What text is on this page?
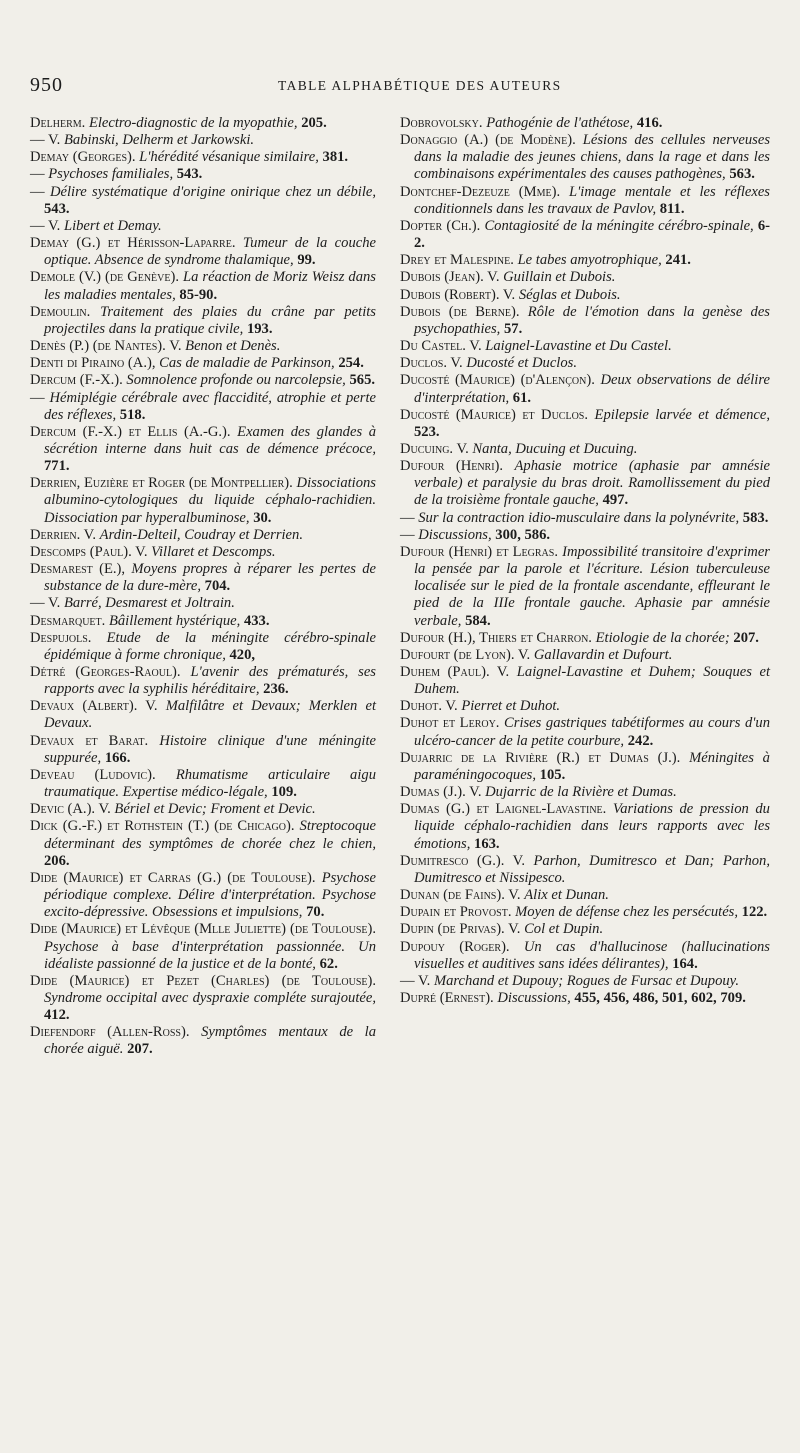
950	TABLE ALPHABÉTIQUE DES AUTEURS

Delherm. Electro-diagnostic de la myopathie, 205.

— V. Babinski, Delherm et Jarkowski.

Demay (Georges). L'hérédité vésanique similaire, 381.

— Psychoses familiales, 543.

— Délire systématique d'origine onirique chez un débile, 543.

— V. Libert et Demay.

Demay (G.) et Hérisson-Laparre. Tumeur de la couche optique. Absence de syndrome thalamique, 99.

Demole (V.) (de Genève). La réaction de Moriz Weisz dans les maladies mentales, 85-90.

Demoulin. Traitement des plaies du crâne par petits projectiles dans la pratique civile, 193.

Denès (P.) (de Nantes). V. Benon et Denès.

Denti di Piraino (A.), Cas de maladie de Parkinson, 254.

Dercum (F.-X.). Somnolence profonde ou narcolepsie, 565.

— Hémiplégie cérébrale avec flaccidité, atrophie et perte des réflexes, 518.

Dercum (F.-X.) et Ellis (A.-G.). Examen des glandes à sécrétion interne dans huit cas de démence précoce, 771.

Derrien, Euzière et Roger (de Montpellier). Dissociations albumino-cytologiques du liquide céphalo-rachidien. Dissociation par hyperalbuminose, 30.

Derrien. V. Ardin-Delteil, Coudray et Derrien.

Descomps (Paul). V. Villaret et Descomps.

Desmarest (E.), Moyens propres à réparer les pertes de substance de la dure-mère, 704.

— V. Barré, Desmarest et Joltrain.

Desmarquet. Bâillement hystérique, 433.

Despujols. Etude de la méningite cérébro-spinale épidémique à forme chronique, 420,

Détré (Georges-Raoul). L'avenir des prématurés, ses rapports avec la syphilis héréditaire, 236.

Devaux (Albert). V. Malfilâtre et Devaux; Merklen et Devaux.

Devaux et Barat. Histoire clinique d'une méningite suppurée, 166.

Deveau (Ludovic). Rhumatisme articulaire aigu traumatique. Expertise médico-légale, 109.

Devic (A.). V. Bériel et Devic; Froment et Devic.

Dick (G.-F.) et Rothstein (T.) (de Chicago). Streptocoque déterminant des symptômes de chorée chez le chien, 206.

Dide (Maurice) et Carras (G.) (de Toulouse). Psychose périodique complexe. Délire d'interprétation. Psychose excito-dépressive. Obsessions et impulsions, 70.

Dide (Maurice) et Lévêque (Mlle Juliette) (de Toulouse). Psychose à base d'interprétation passionnée. Un idéaliste passionné de la justice et de la bonté, 62.

Dide (Maurice) et Pezet (Charles) (de Toulouse). Syndrome occipital avec dyspraxie compléte surajoutée, 412.

Diefendorf (Allen-Ross). Symptômes mentaux de la chorée aiguë. 207.

Dobrovolsky. Pathogénie de l'athétose, 416.

Donaggio (A.) (de Modène). Lésions des cellules nerveuses dans la maladie des jeunes chiens, dans la rage et dans les combinaisons expérimentales des causes pathogènes, 563.

Dontchef-Dezeuze (Mme). L'image mentale et les réflexes conditionnels dans les travaux de Pavlov, 811.

Dopter (Ch.). Contagiosité de la méningite cérébro-spinale, 6-2.

Drey et Malespine. Le tabes amyotrophique, 241.

Dubois (Jean). V. Guillain et Dubois.

Dubois (Robert). V. Séglas et Dubois.

Dubois (de Berne). Rôle de l'émotion dans la genèse des psychopathies, 57.

Du Castel. V. Laignel-Lavastine et Du Castel.

Duclos. V. Ducosté et Duclos.

Ducosté (Maurice) (d'Alençon). Deux observations de délire d'interprétation, 61.

Ducosté (Maurice) et Duclos. Epilepsie larvée et démence, 523.

Ducuing. V. Nanta, Ducuing et Ducuing.

Dufour (Henri). Aphasie motrice (aphasie par amnésie verbale) et paralysie du bras droit. Ramollissement du pied de la troisième frontale gauche, 497.

— Sur la contraction idio-musculaire dans la polynévrite, 583.

— Discussions, 300, 586.

Dufour (Henri) et Legras. Impossibilité transitoire d'exprimer la pensée par la parole et l'écriture. Lésion tuberculeuse localisée sur le pied de la frontale ascendante, effleurant le pied de la IIIe frontale gauche. Aphasie par amnésie verbale, 584.

Dufour (H.), Thiers et Charron. Etiologie de la chorée; 207.

Dufourt (de Lyon). V. Gallavardin et Dufourt.

Duhem (Paul). V. Laignel-Lavastine et Duhem; Souques et Duhem.

Duhot. V. Pierret et Duhot.

Duhot et Leroy. Crises gastriques tabétiformes au cours d'un ulcéro-cancer de la petite courbure, 242.

Dujarric de la Rivière (R.) et Dumas (J.). Méningites à paraméningocoques, 105.

Dumas (J.). V. Dujarric de la Rivière et Dumas.

Dumas (G.) et Laignel-Lavastine. Variations de pression du liquide céphalo-rachidien dans leurs rapports avec les émotions, 163.

Dumitresco (G.). V. Parhon, Dumitresco et Dan; Parhon, Dumitresco et Nissipesco.

Dunan (de Fains). V. Alix et Dunan.

Dupain et Provost. Moyen de défense chez les persécutés, 122.

Dupin (de Privas). V. Col et Dupin.

Dupouy (Roger). Un cas d'hallucinose (hallucinations visuelles et auditives sans idées délirantes), 164.

— V. Marchand et Dupouy; Rogues de Fursac et Dupouy.

Dupré (Ernest). Discussions, 455, 456, 486, 501, 602, 709.
